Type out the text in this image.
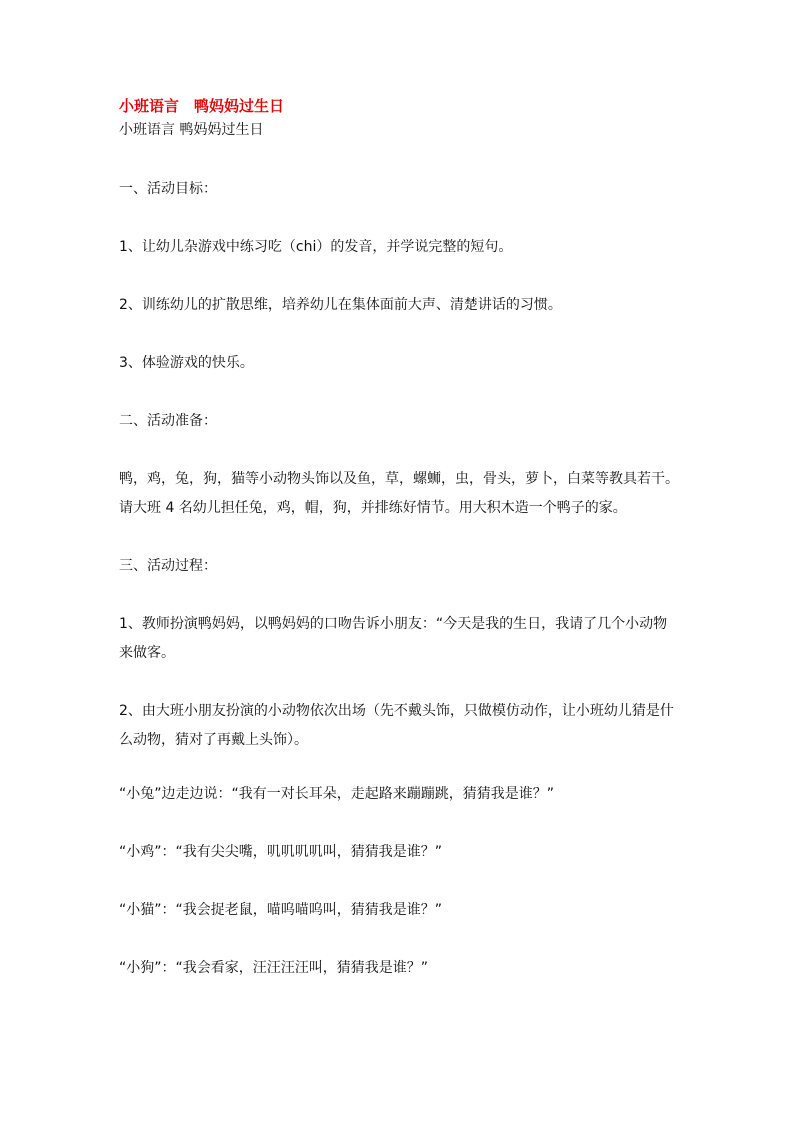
小班语言　鸭妈妈过生日
小班语言 鸭妈妈过生日

一、活动目标：

1、让幼儿杂游戏中练习吃（chi）的发音，并学说完整的短句。

2、训练幼儿的扩散思维，培养幼儿在集体面前大声、清楚讲话的习惯。

3、体验游戏的快乐。

二、活动准备：

鸭，鸡，兔，狗，猫等小动物头饰以及鱼，草，螺蛳，虫，骨头，萝卜，白菜等教具若干。请大班 4 名幼儿担任兔，鸡，帽，狗，并排练好情节。用大积木造一个鸭子的家。

三、活动过程：

1、教师扮演鸭妈妈，以鸭妈妈的口吻告诉小朋友：“今天是我的生日，我请了几个小动物来做客。

2、由大班小朋友扮演的小动物依次出场（先不戴头饰，只做模仿动作，让小班幼儿猜是什么动物，猜对了再戴上头饰）。

“小兔”边走边说：“我有一对长耳朵，走起路来蹦蹦跳，猜猜我是谁？”

“小鸡”：“我有尖尖嘴，叽叽叽叽叫，猜猜我是谁？”

“小猫”：“我会捉老鼠，喵呜喵呜叫，猜猜我是谁？”

“小狗”：“我会看家，汪汪汪汪叫，猜猜我是谁？”
